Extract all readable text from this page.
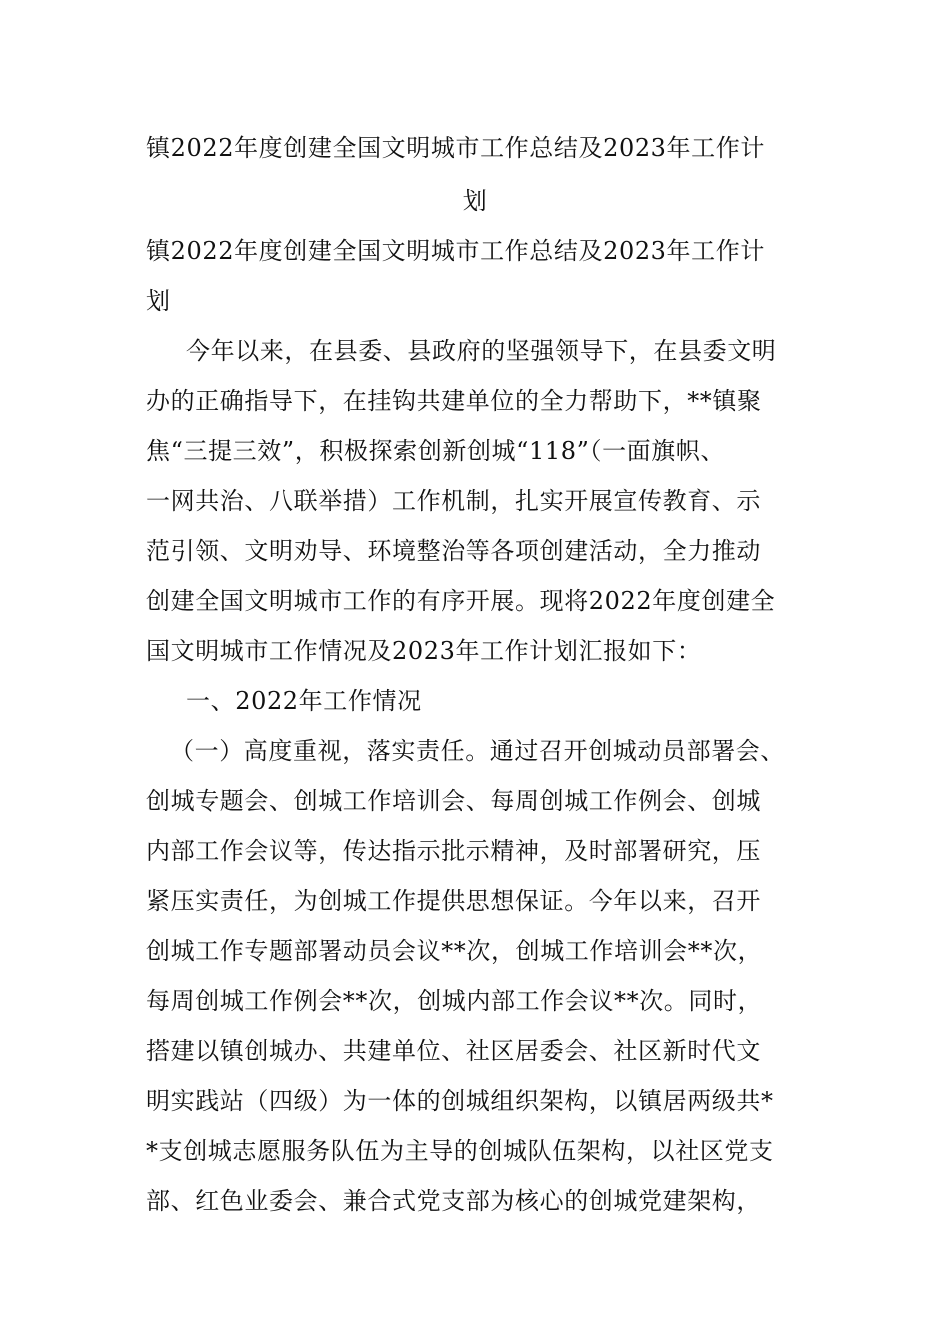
镇2022年度创建全国文明城市工作总结及2023年工作计
划
镇2022年度创建全国文明城市工作总结及2023年工作计
划
今年以来，在县委、县政府的坚强领导下，在县委文明
办的正确指导下，在挂钩共建单位的全力帮助下，**镇聚
焦“三提三效”，积极探索创新创城“118”（一面旗帜、
一网共治、八联举措）工作机制，扎实开展宣传教育、示
范引领、文明劝导、环境整治等各项创建活动，全力推动
创建全国文明城市工作的有序开展。现将2022年度创建全
国文明城市工作情况及2023年工作计划汇报如下：
一、2022年工作情况
（一）高度重视，落实责任。通过召开创城动员部署会、
创城专题会、创城工作培训会、每周创城工作例会、创城
内部工作会议等，传达指示批示精神，及时部署研究，压
紧压实责任，为创城工作提供思想保证。今年以来，召开
创城工作专题部署动员会议**次，创城工作培训会**次，
每周创城工作例会**次，创城内部工作会议**次。同时，
搭建以镇创城办、共建单位、社区居委会、社区新时代文
明实践站（四级）为一体的创城组织架构，以镇居两级共*
*支创城志愿服务队伍为主导的创城队伍架构，以社区党支
部、红色业委会、兼合式党支部为核心的创城党建架构，
